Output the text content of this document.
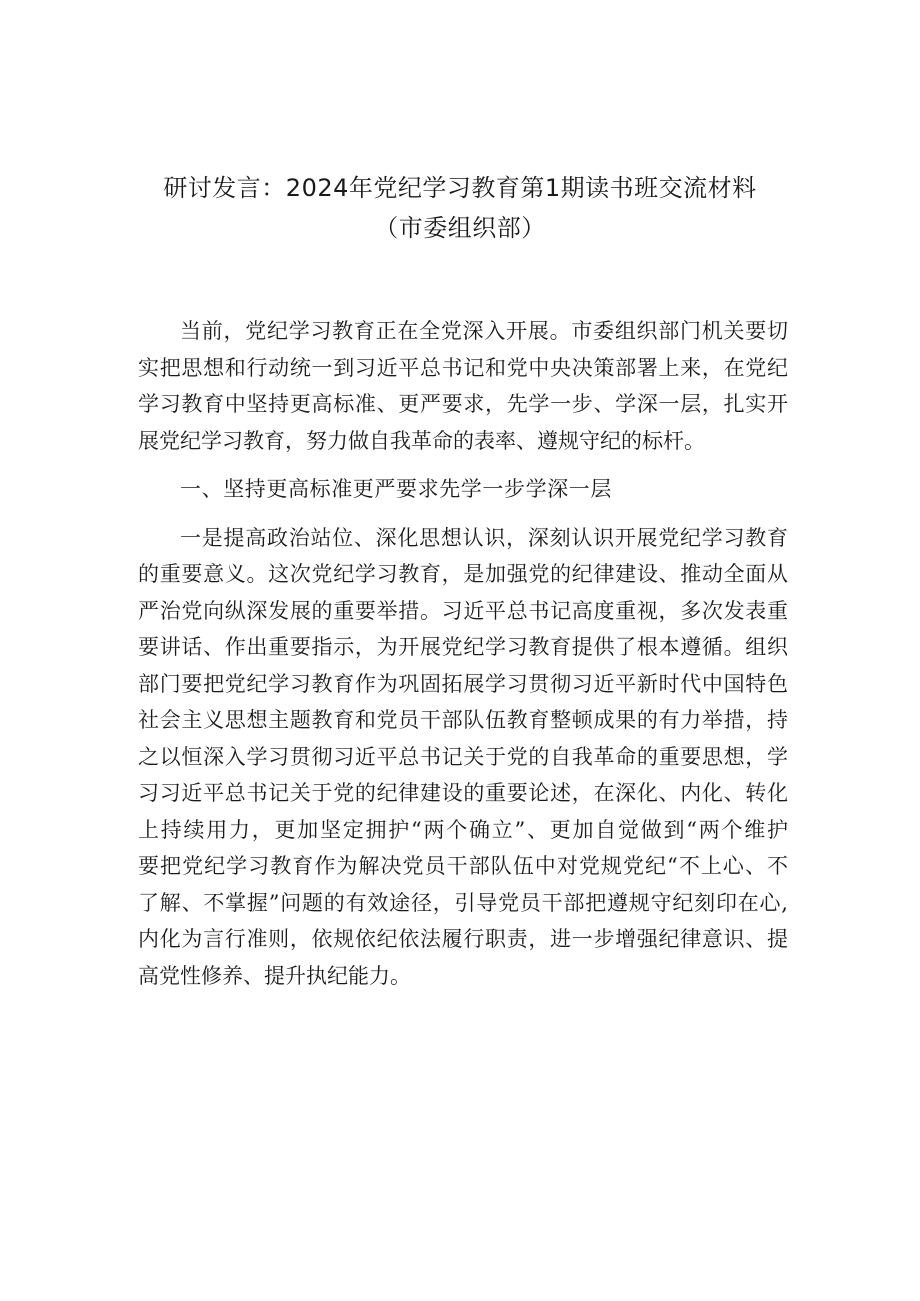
研讨发言：2024年党纪学习教育第1期读书班交流材料
（市委组织部）
当前，党纪学习教育正在全党深入开展。市委组织部门机关要切
实把思想和行动统一到习近平总书记和党中央决策部署上来，在党纪
学习教育中坚持更高标准、更严要求，先学一步、学深一层，扎实开
展党纪学习教育，努力做自我革命的表率、遵规守纪的标杆。
一、坚持更高标准更严要求先学一步学深一层
一是提高政治站位、深化思想认识，深刻认识开展党纪学习教育
的重要意义。这次党纪学习教育，是加强党的纪律建设、推动全面从
严治党向纵深发展的重要举措。习近平总书记高度重视，多次发表重
要讲话、作出重要指示，为开展党纪学习教育提供了根本遵循。组织
部门要把党纪学习教育作为巩固拓展学习贯彻习近平新时代中国特色
社会主义思想主题教育和党员干部队伍教育整顿成果的有力举措，持
之以恒深入学习贯彻习近平总书记关于党的自我革命的重要思想，学
习习近平总书记关于党的纪律建设的重要论述，在深化、内化、转化
上持续用力，更加坚定拥护“两个确立”、更加自觉做到“两个维护
要把党纪学习教育作为解决党员干部队伍中对党规党纪“不上心、不
了解、不掌握”问题的有效途径，引导党员干部把遵规守纪刻印在心,
内化为言行准则，依规依纪依法履行职责，进一步增强纪律意识、提
高党性修养、提升执纪能力。
